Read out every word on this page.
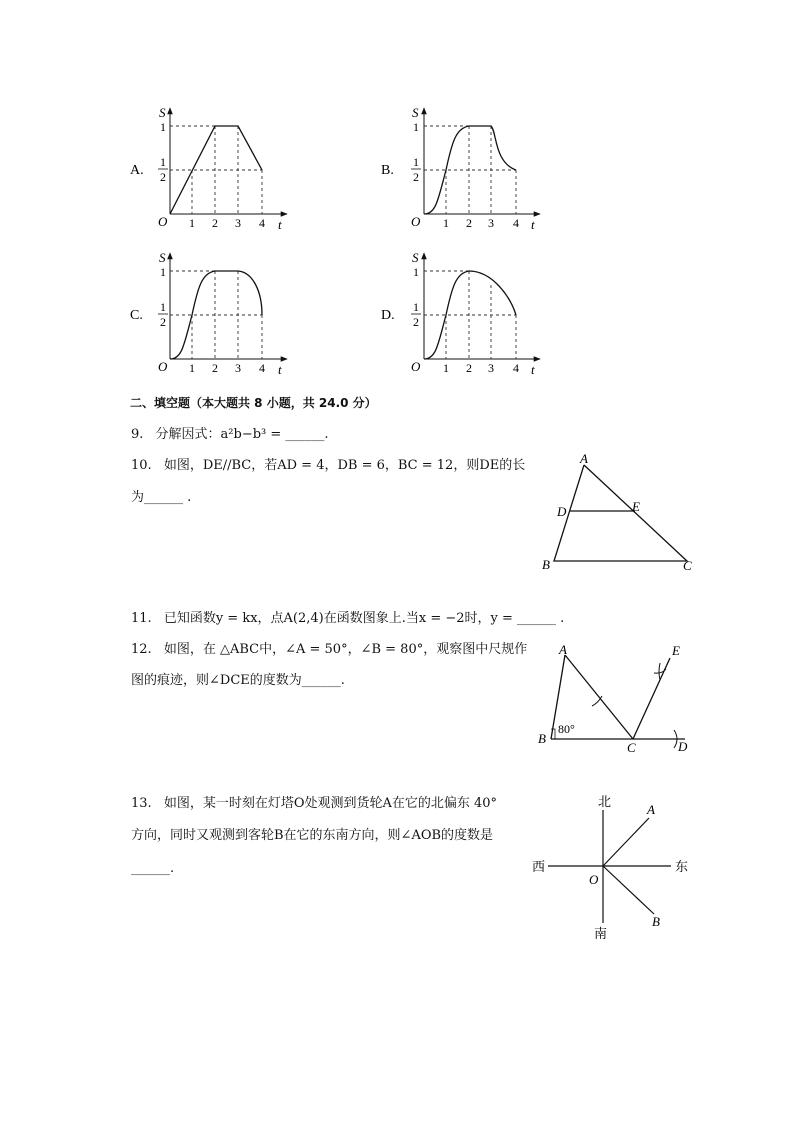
A.
S
1
1
2
O 1 2 3 4 t
B.
S
1
1
2
O 1 2 3 4 t
C.
S
1
1
2
O 1 2 3 4 t
D.
S
1
1
2
O 1 2 3 4 t
二、填空题（本大题共 8 小题，共 24.0 分）
9. 分解因式：a²b−b³ = ______.
10. 如图，DE//BC，若AD = 4，DB = 6，BC = 12，则DE的长
为______ .
A
D	E
B	C
11. 已知函数y = kx，点A(2,4)在函数图象上.当x = −2时，y = ______ .
12. 如图，在 △ABC中，∠A = 50°，∠B = 80°，观察图中尺规作
图的痕迹，则∠DCE的度数为______.
A	E
B
80°
C	D
13. 如图，某一时刻在灯塔O处观测到货轮A在它的北偏东 40°
方向，同时又观测到客轮B在它的东南方向，则∠AOB的度数是
______.
北
西	东
南
O
A
B
